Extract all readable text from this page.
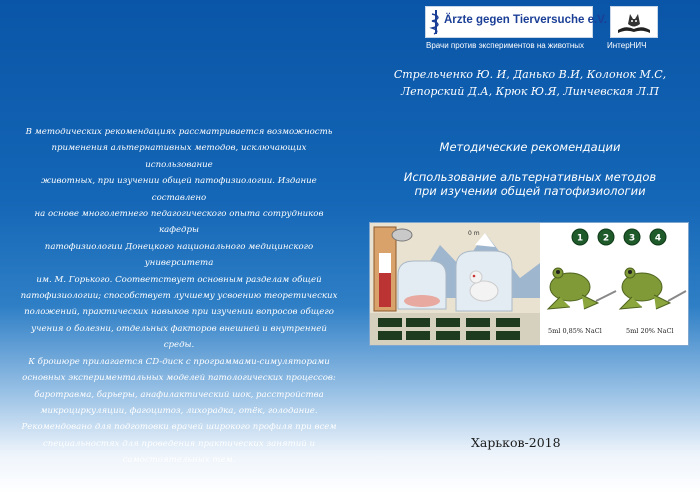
В методических рекомендациях рассматривается возможность

применения альтернативных методов, исключающих использование

животных, при изучении общей патофизиологии. Издание составлено

на основе многолетнего педагогического опыта сотрудников кафедры

патофизиологии Донецкого национального медицинского университета

им. М. Горького. Соответствует основным разделам общей

патофизиологии; способствует лучшему усвоению теоретических

положений, практических навыков при изучении вопросов общего

учения о болезни, отдельных факторов внешней и внутренней среды.

К брошюре прилагается CD-диск с программами-симуляторами

основных экспериментальных моделей патологических процессов:

баротравма, барьеры, анафилактический шок, расстройства

микроциркуляции, фагоцитоз, лихорадка, отёк, голодание.

Рекомендовано для подготовки врачей широкого профиля при всем

специальностях для проведения практических занятий и

самостоятельных тем.

Ärzte gegen Tierversuche e.V.
Врачи против экспериментов на животных	ИнтерНИЧ
Стрельченко Ю. И, Данько В.И, Колонок М.С,
Лепорский Д.А, Крюк Ю.Я, Линчевская Л.П
Методические рекомендации
Использование альтернативных методов
при изучении общей патофизиологии
0 m	1 2 3 4
5ml 0,85% NaCl	5ml 20% NaCl
Харьков-2018
